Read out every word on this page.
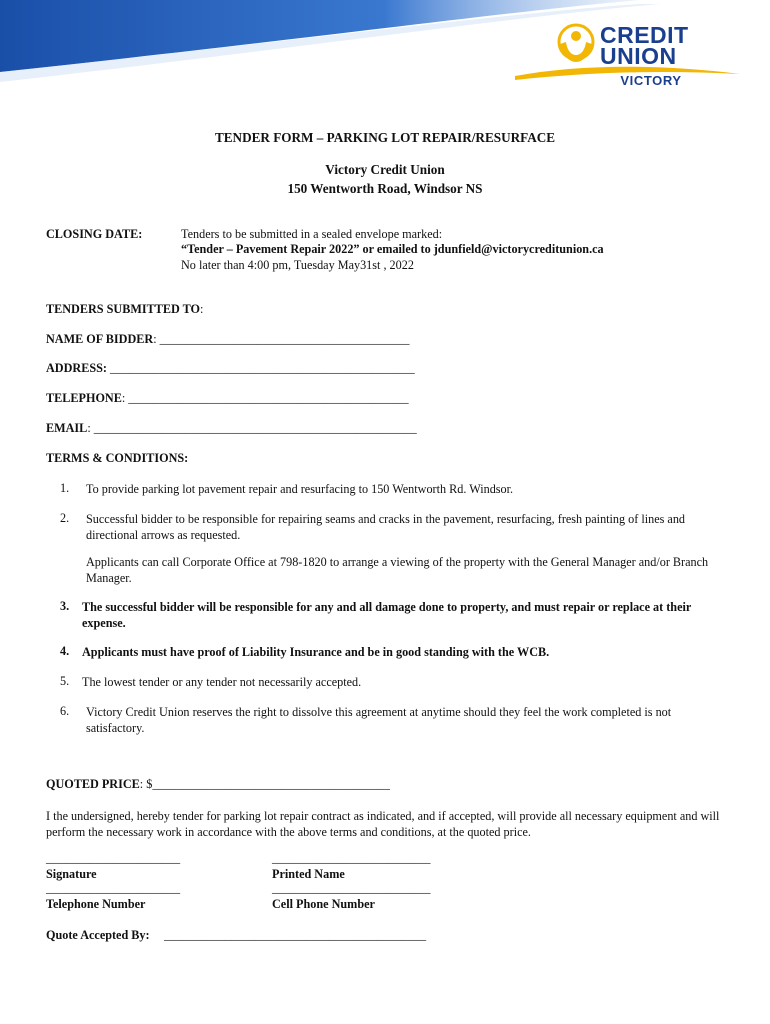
CREDIT
UNION
VICTORY
TENDER FORM – PARKING LOT REPAIR/RESURFACE
Victory Credit Union
150 Wentworth Road, Windsor NS
CLOSING DATE:	Tenders to be submitted in a sealed envelope marked:
“Tender – Pavement Repair 2022” or emailed to jdunfield@victorycreditunion.ca
No later than 4:00 pm, Tuesday May31st , 2022
TENDERS SUBMITTED TO:
NAME OF BIDDER: _________________________________________
ADDRESS: __________________________________________________
TELEPHONE: ______________________________________________
EMAIL: _____________________________________________________
TERMS & CONDITIONS:
1. To provide parking lot pavement repair and resurfacing to 150 Wentworth Rd. Windsor.
2. Successful bidder to be responsible for repairing seams and cracks in the pavement, resurfacing, fresh painting of lines and directional arrows as requested.
Applicants can call Corporate Office at 798-1820 to arrange a viewing of the property with the General Manager and/or Branch Manager.
3. The successful bidder will be responsible for any and all damage done to property, and must repair or replace at their expense.
4. Applicants must have proof of Liability Insurance and be in good standing with the WCB.
5. The lowest tender or any tender not necessarily accepted.
6. Victory Credit Union reserves the right to dissolve this agreement at anytime should they feel the work completed is not satisfactory.
QUOTED PRICE: $_______________________________________
I the undersigned, hereby tender for parking lot repair contract as indicated, and if accepted, will provide all necessary equipment and will perform the necessary work in accordance with the above terms and conditions, at the quoted price.
______________________	__________________________
Signature	Printed Name
______________________	__________________________
Telephone Number	Cell Phone Number
Quote Accepted By: ___________________________________________
